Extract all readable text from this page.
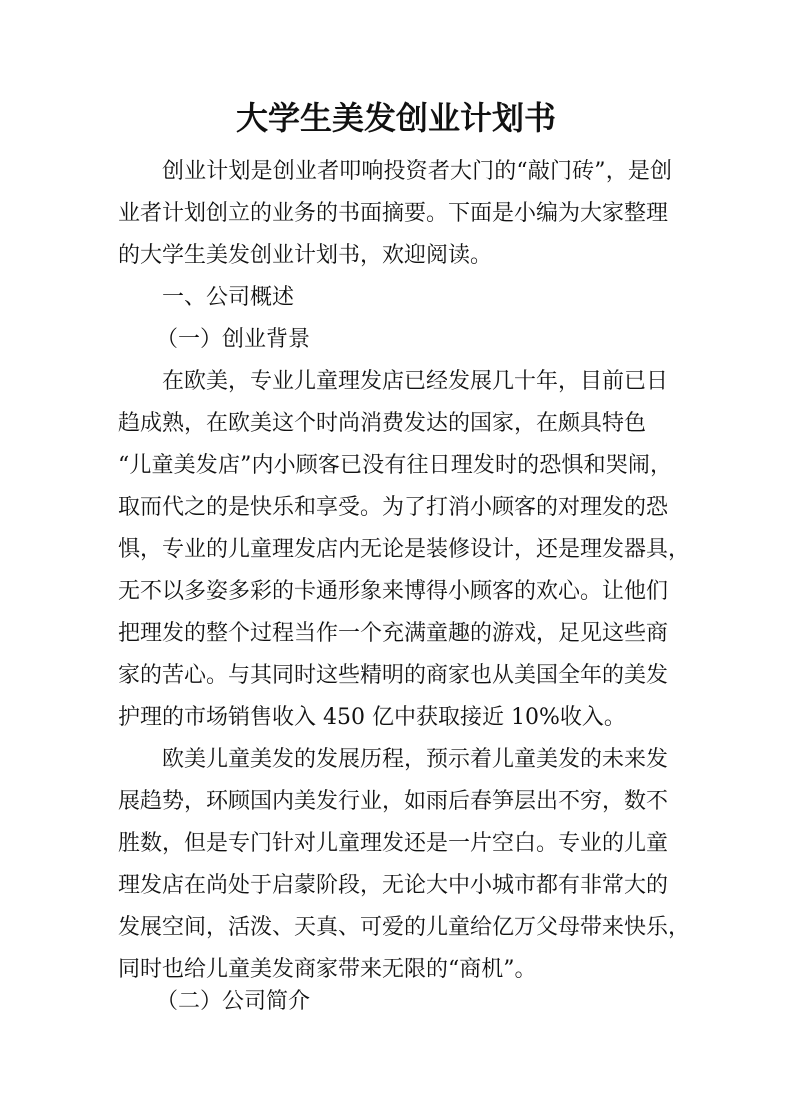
大学生美发创业计划书
创业计划是创业者叩响投资者大门的“敲门砖”，是创
业者计划创立的业务的书面摘要。下面是小编为大家整理
的大学生美发创业计划书，欢迎阅读。
一、公司概述
（一）创业背景
在欧美，专业儿童理发店已经发展几十年，目前已日
趋成熟，在欧美这个时尚消费发达的国家，在颇具特色
“儿童美发店”内小顾客已没有往日理发时的恐惧和哭闹，
取而代之的是快乐和享受。为了打消小顾客的对理发的恐
惧，专业的儿童理发店内无论是装修设计，还是理发器具，
无不以多姿多彩的卡通形象来博得小顾客的欢心。让他们
把理发的整个过程当作一个充满童趣的游戏，足见这些商
家的苦心。与其同时这些精明的商家也从美国全年的美发
护理的市场销售收入 450 亿中获取接近 10%收入。
欧美儿童美发的发展历程，预示着儿童美发的未来发
展趋势，环顾国内美发行业，如雨后春笋层出不穷，数不
胜数，但是专门针对儿童理发还是一片空白。专业的儿童
理发店在尚处于启蒙阶段，无论大中小城市都有非常大的
发展空间，活泼、天真、可爱的儿童给亿万父母带来快乐，
同时也给儿童美发商家带来无限的“商机”。
（二）公司简介
